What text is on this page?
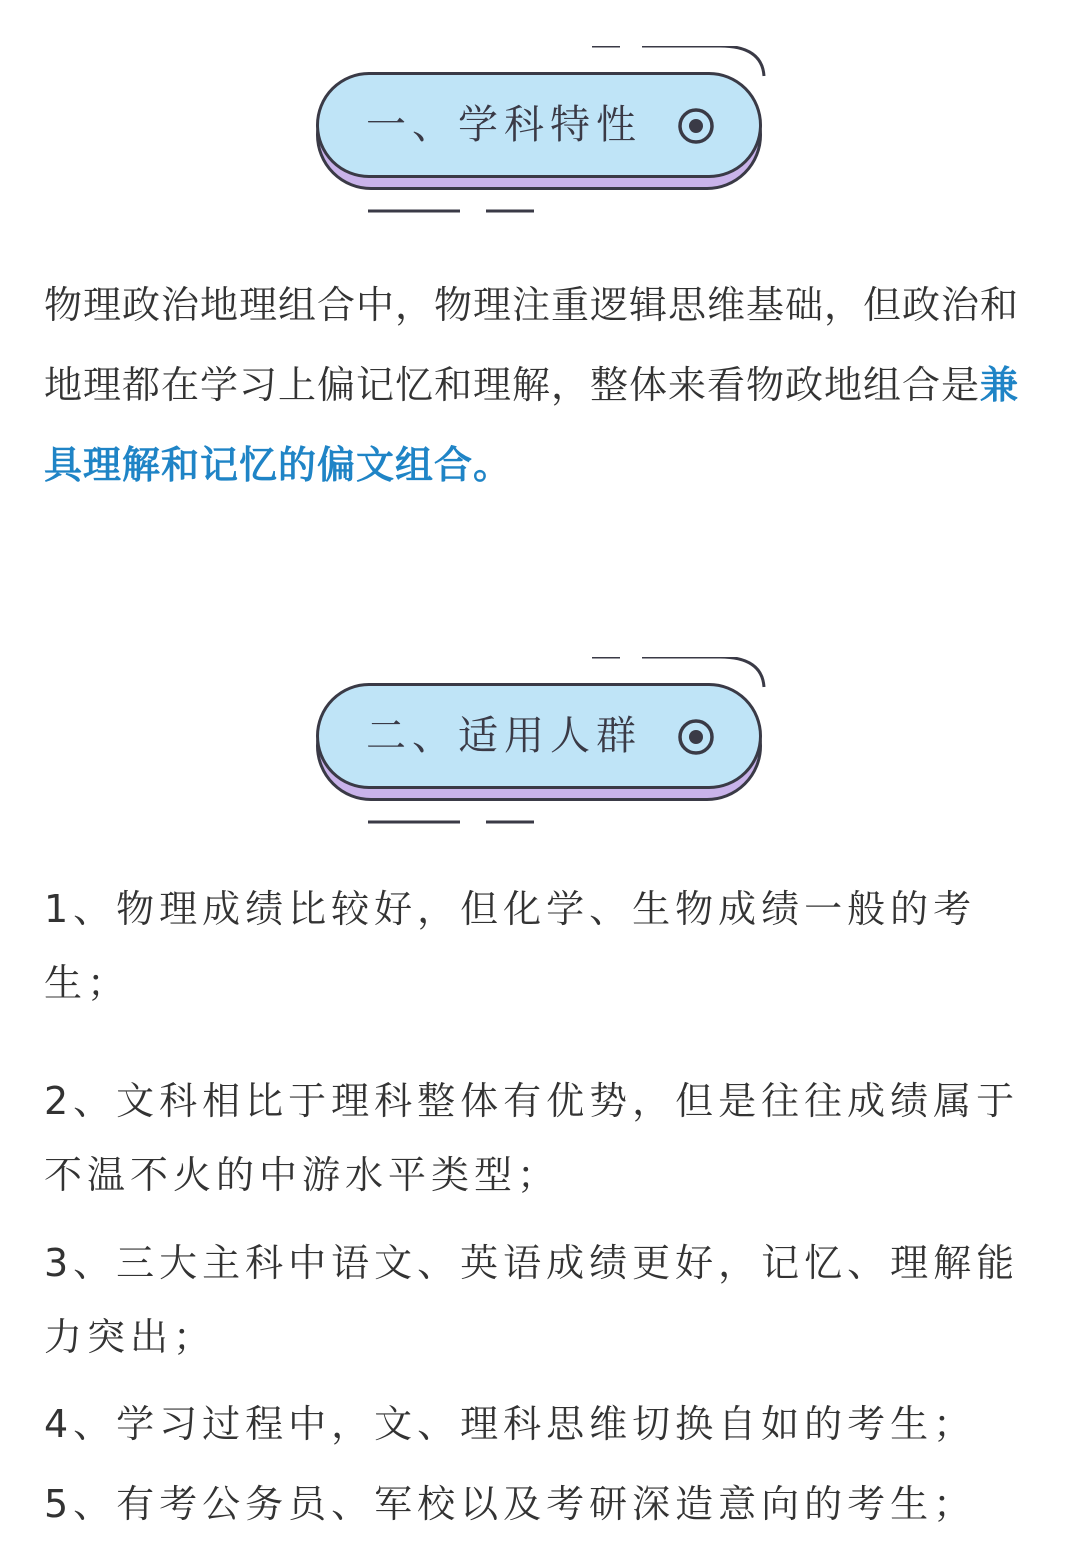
一、学科特性

物理政治地理组合中，物理注重逻辑思维基础，但政治和地理都在学习上偏记忆和理解，整体来看物政地组合是兼具理解和记忆的偏文组合。

二、适用人群

1、物理成绩比较好，但化学、生物成绩一般的考生；

2、文科相比于理科整体有优势，但是往往成绩属于不温不火的中游水平类型；

3、三大主科中语文、英语成绩更好，记忆、理解能力突出；

4、学习过程中，文、理科思维切换自如的考生；

5、有考公务员、军校以及考研深造意向的考生；
